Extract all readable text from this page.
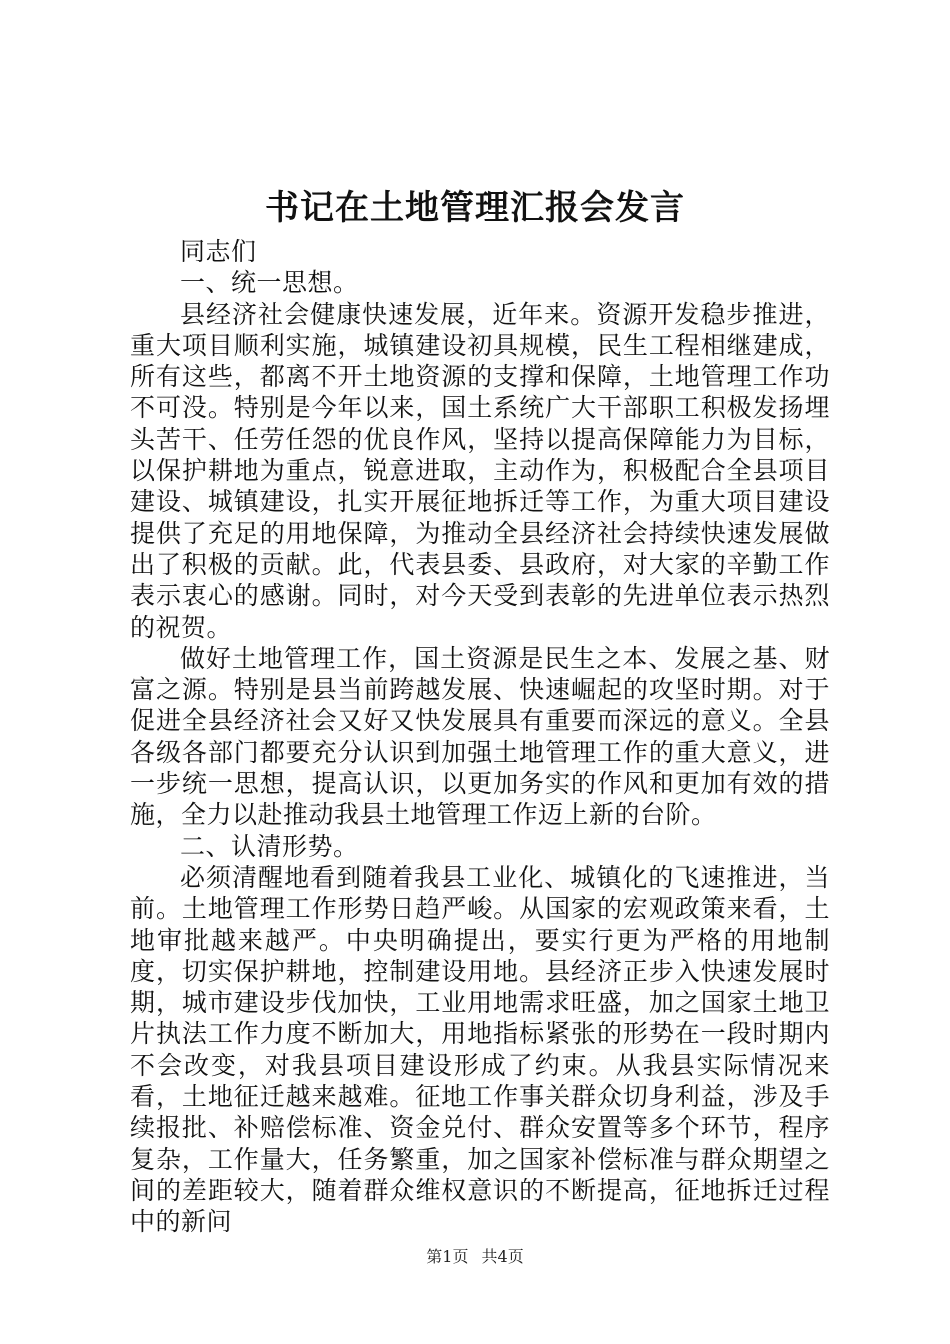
书记在土地管理汇报会发言

同志们

一、统一思想。

县经济社会健康快速发展，近年来。资源开发稳步推进，重大项目顺利实施，城镇建设初具规模，民生工程相继建成，所有这些，都离不开土地资源的支撑和保障，土地管理工作功不可没。特别是今年以来，国土系统广大干部职工积极发扬埋头苦干、任劳任怨的优良作风，坚持以提高保障能力为目标，以保护耕地为重点，锐意进取，主动作为，积极配合全县项目建设、城镇建设，扎实开展征地拆迁等工作，为重大项目建设提供了充足的用地保障，为推动全县经济社会持续快速发展做出了积极的贡献。此，代表县委、县政府，对大家的辛勤工作表示衷心的感谢。同时，对今天受到表彰的先进单位表示热烈的祝贺。

做好土地管理工作，国土资源是民生之本、发展之基、财富之源。特别是县当前跨越发展、快速崛起的攻坚时期。对于促进全县经济社会又好又快发展具有重要而深远的意义。全县各级各部门都要充分认识到加强土地管理工作的重大意义，进一步统一思想，提高认识，以更加务实的作风和更加有效的措施，全力以赴推动我县土地管理工作迈上新的台阶。

二、认清形势。

必须清醒地看到随着我县工业化、城镇化的飞速推进，当前。土地管理工作形势日趋严峻。从国家的宏观政策来看，土地审批越来越严。中央明确提出，要实行更为严格的用地制度，切实保护耕地，控制建设用地。县经济正步入快速发展时期，城市建设步伐加快，工业用地需求旺盛，加之国家土地卫片执法工作力度不断加大，用地指标紧张的形势在一段时期内不会改变，对我县项目建设形成了约束。从我县实际情况来看，土地征迁越来越难。征地工作事关群众切身利益，涉及手续报批、补赔偿标准、资金兑付、群众安置等多个环节，程序复杂，工作量大，任务繁重，加之国家补偿标准与群众期望之间的差距较大，随着群众维权意识的不断提高，征地拆迁过程中的新问

第1页 共4页
